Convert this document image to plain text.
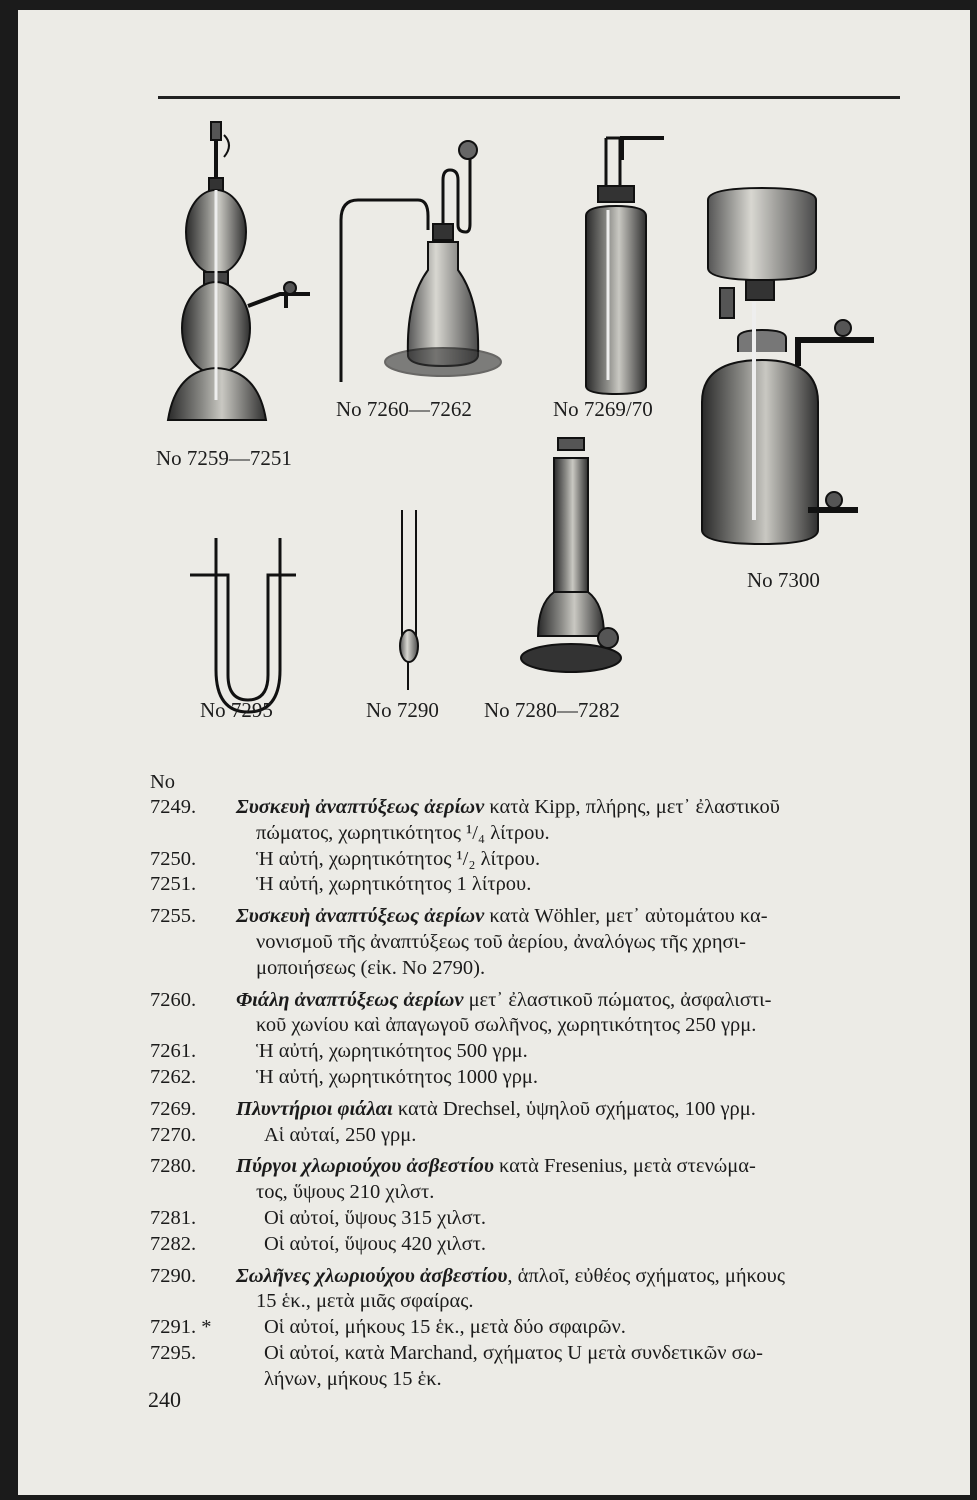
No 7260—7262	No 7269/70
No 7259—7251
No 7300
No 7295	No 7290 No 7280—7282
No
7249.	Συσκευὴ ἀναπτύξεως ἀερίων κατὰ Kipp, πλήρης, μετ᾽ ἐλαστικοῦ
πώματος, χωρητικότητος ¹/₄ λίτρου.
7250.	Ἡ αὐτή, χωρητικότητος ¹/₂ λίτρου.
7251.	Ἡ αὐτή, χωρητικότητος 1 λίτρου.
7255.	Συσκευὴ ἀναπτύξεως ἀερίων κατὰ Wöhler, μετ᾽ αὐτομάτου κα-
νονισμοῦ τῆς ἀναπτύξεως τοῦ ἀερίου, ἀναλόγως τῆς χρησι-
μοποιήσεως (εἰκ. Νο 2790).
7260.	Φιάλη ἀναπτύξεως ἀερίων μετ᾽ ἐλαστικοῦ πώματος, ἀσφαλιστι-
κοῦ χωνίου καὶ ἀπαγωγοῦ σωλῆνος, χωρητικότητος 250 γρμ.
7261.	Ἡ αὐτή, χωρητικότητος 500 γρμ.
7262.	Ἡ αὐτή, χωρητικότητος 1000 γρμ.
7269.	Πλυντήριοι φιάλαι κατὰ Drechsel, ὑψηλοῦ σχήματος, 100 γρμ.
7270.	Αἱ αὐταί, 250 γρμ.
7280.	Πύργοι χλωριούχου ἀσβεστίου κατὰ Fresenius, μετὰ στενώμα-
τος, ὕψους 210 χιλστ.
7281.	Οἱ αὐτοί, ὕψους 315 χιλστ.
7282.	Οἱ αὐτοί, ὕψους 420 χιλστ.
7290.	Σωλῆνες χλωριούχου ἀσβεστίου, ἁπλοῖ, εὐθέος σχήματος, μήκους
15 ἑκ., μετὰ μιᾶς σφαίρας.
7291. *	Οἱ αὐτοί, μήκους 15 ἑκ., μετὰ δύο σφαιρῶν.
7295.	Οἱ αὐτοί, κατὰ Marchand, σχήματος U μετὰ συνδετικῶν σω-
λήνων, μήκους 15 ἑκ.
240
